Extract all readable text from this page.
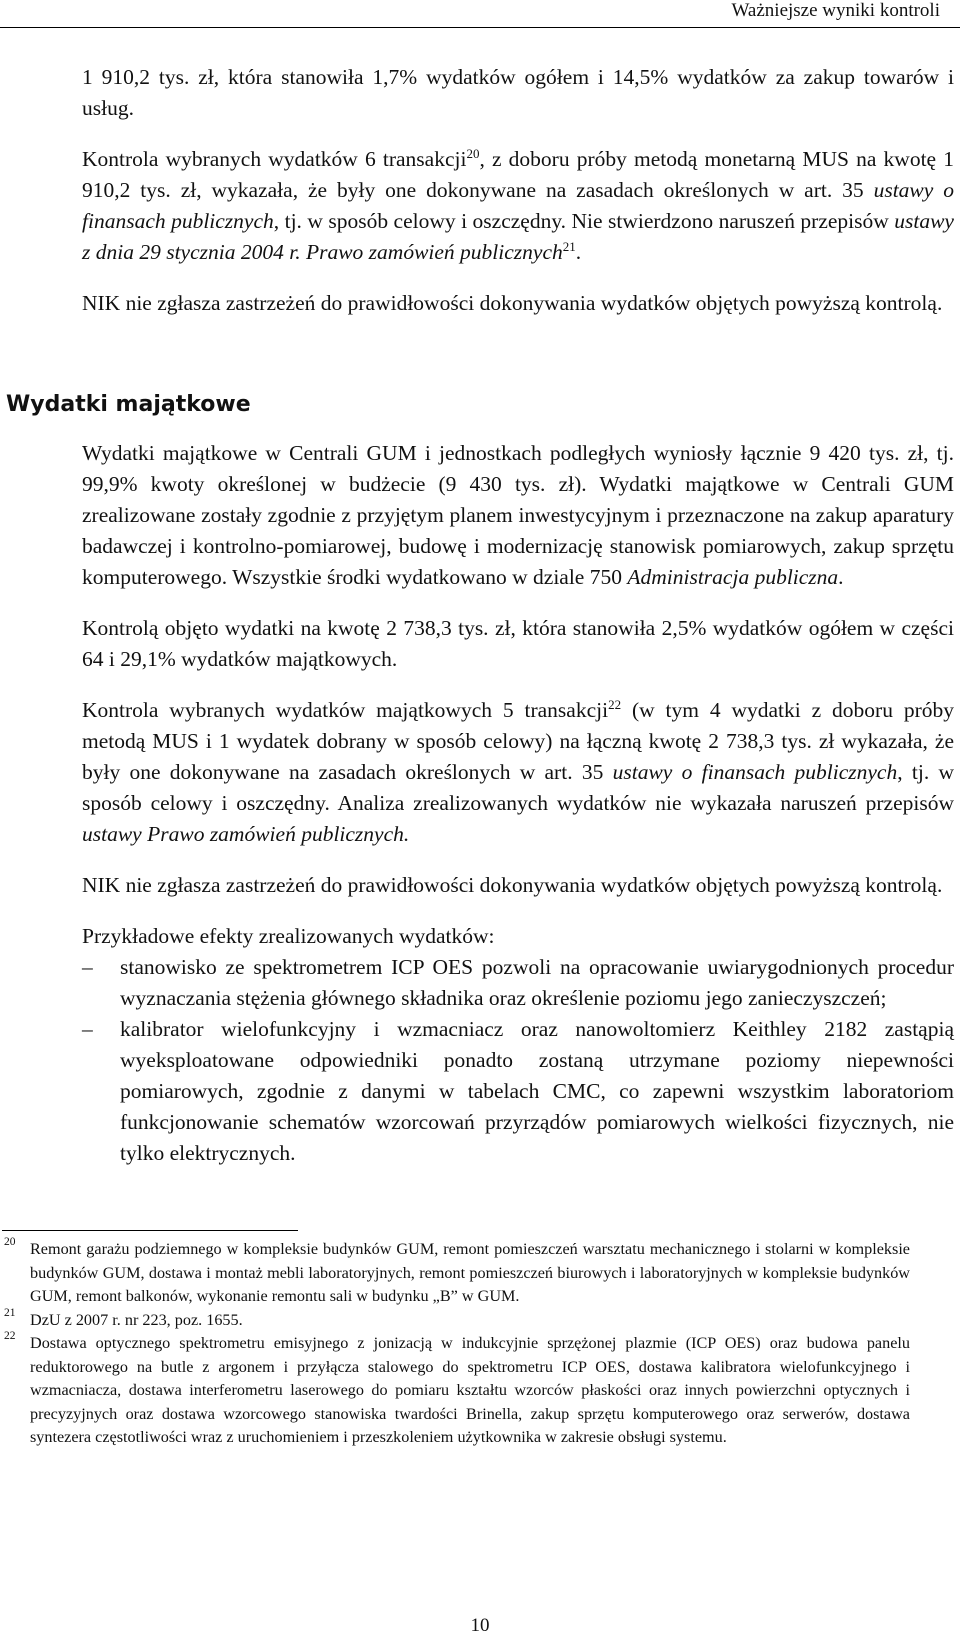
Ważniejsze wyniki kontroli

1 910,2 tys. zł, która stanowiła 1,7% wydatków ogółem i 14,5% wydatków za zakup towarów i usług.

Kontrola wybranych wydatków 6 transakcji$^{20}$, z doboru próby metodą monetarną MUS na kwotę 1 910,2 tys. zł, wykazała, że były one dokonywane na zasadach określonych w art. 35 ustawy o finansach publicznych, tj. w sposób celowy i oszczędny. Nie stwierdzono naruszeń przepisów ustawy z dnia 29 stycznia 2004 r. Prawo zamówień publicznych$^{21}$.

NIK nie zgłasza zastrzeżeń do prawidłowości dokonywania wydatków objętych powyższą kontrolą.

Wydatki majątkowe

Wydatki majątkowe w Centrali GUM i jednostkach podległych wyniosły łącznie 9 420 tys. zł, tj. 99,9% kwoty określonej w budżecie (9 430 tys. zł). Wydatki majątkowe w Centrali GUM zrealizowane zostały zgodnie z przyjętym planem inwestycyjnym i przeznaczone na zakup aparatury badawczej i kontrolno-pomiarowej, budowę i modernizację stanowisk pomiarowych, zakup sprzętu komputerowego. Wszystkie środki wydatkowano w dziale 750 Administracja publiczna.

Kontrolą objęto wydatki na kwotę 2 738,3 tys. zł, która stanowiła 2,5% wydatków ogółem w części 64 i 29,1% wydatków majątkowych.

Kontrola wybranych wydatków majątkowych 5 transakcji$^{22}$ (w tym 4 wydatki z doboru próby metodą MUS i 1 wydatek dobrany w sposób celowy) na łączną kwotę 2 738,3 tys. zł wykazała, że były one dokonywane na zasadach określonych w art. 35 ustawy o finansach publicznych, tj. w sposób celowy i oszczędny. Analiza zrealizowanych wydatków nie wykazała naruszeń przepisów ustawy Prawo zamówień publicznych.

NIK nie zgłasza zastrzeżeń do prawidłowości dokonywania wydatków objętych powyższą kontrolą.

Przykładowe efekty zrealizowanych wydatków:

–	stanowisko ze spektrometrem ICP OES pozwoli na opracowanie uwiarygodnionych procedur wyznaczania stężenia głównego składnika oraz określenie poziomu jego zanieczyszczeń;
–	kalibrator wielofunkcyjny i wzmacniacz oraz nanowoltomierz Keithley 2182 zastąpią wyeksploatowane odpowiedniki ponadto zostaną utrzymane poziomy niepewności pomiarowych, zgodnie z danymi w tabelach CMC, co zapewni wszystkim laboratoriom funkcjonowanie schematów wzorcowań przyrządów pomiarowych wielkości fizycznych, nie tylko elektrycznych.

20 Remont garażu podziemnego w kompleksie budynków GUM, remont pomieszczeń warsztatu mechanicznego i stolarni w kompleksie budynków GUM, dostawa i montaż mebli laboratoryjnych, remont pomieszczeń biurowych i laboratoryjnych w kompleksie budynków GUM, remont balkonów, wykonanie remontu sali w budynku „B” w GUM.

21 DzU z 2007 r. nr 223, poz. 1655.

22 Dostawa optycznego spektrometru emisyjnego z jonizacją w indukcyjnie sprzężonej plazmie (ICP OES) oraz budowa panelu reduktorowego na butle z argonem i przyłącza stalowego do spektrometru ICP OES, dostawa kalibratora wielofunkcyjnego i wzmacniacza, dostawa interferometru laserowego do pomiaru kształtu wzorców płaskości oraz innych powierzchni optycznych i precyzyjnych oraz dostawa wzorcowego stanowiska twardości Brinella, zakup sprzętu komputerowego oraz serwerów, dostawa syntezera częstotliwości wraz z uruchomieniem i przeszkoleniem użytkownika w zakresie obsługi systemu.

10
